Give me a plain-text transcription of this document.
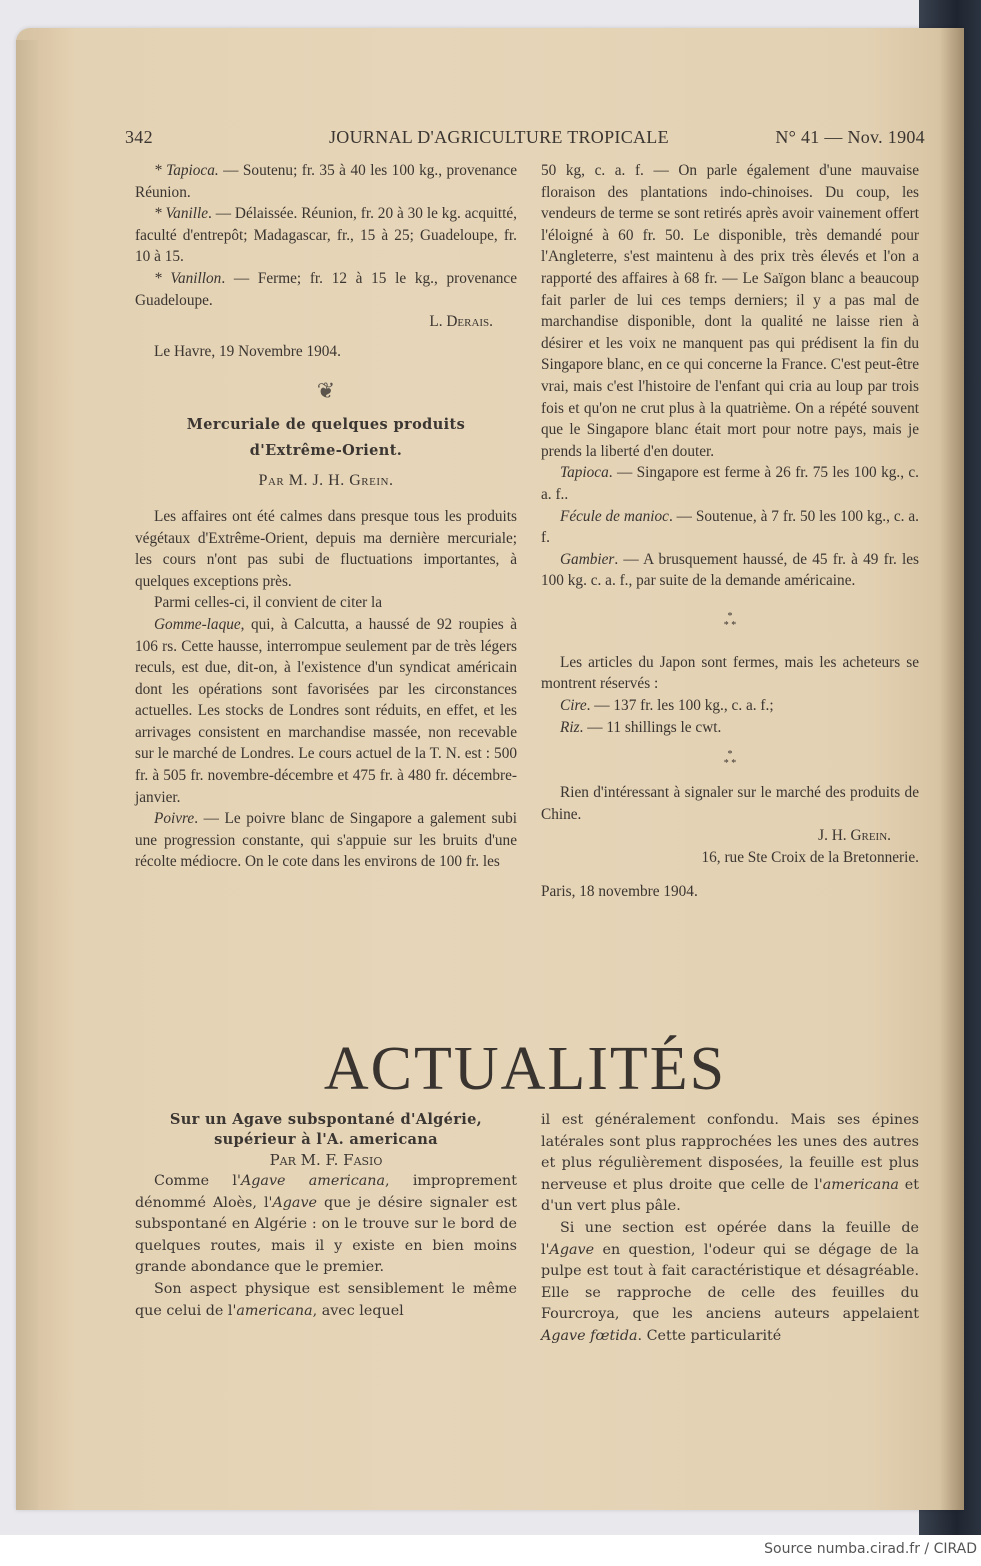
342	JOURNAL D'AGRICULTURE TROPICALE	N° 41 — Nov. 1904

* Tapioca. — Soutenu; fr. 35 à 40 les 100 kg., provenance Réunion.

* Vanille. — Délaissée. Réunion, fr. 20 à 30 le kg. acquitté, faculté d'entrepôt; Madagascar, fr., 15 à 25; Guadeloupe, fr. 10 à 15.

* Vanillon. — Ferme; fr. 12 à 15 le kg., provenance Guadeloupe.

L. Derais.

Le Havre, 19 Novembre 1904.

❦
Mercuriale de quelques produits
d'Extrême-Orient.

Par M. J. H. Grein.

Les affaires ont été calmes dans presque tous les produits végétaux d'Extrême-Orient, depuis ma dernière mercuriale; les cours n'ont pas subi de fluctuations importantes, à quelques exceptions près.

Parmi celles-ci, il convient de citer la

Gomme-laque, qui, à Calcutta, a haussé de 92 roupies à 106 rs. Cette hausse, interrompue seulement par de très légers reculs, est due, dit-on, à l'existence d'un syndicat américain dont les opérations sont favorisées par les circonstances actuelles. Les stocks de Londres sont réduits, en effet, et les arrivages consistent en marchandise massée, non recevable sur le marché de Londres. Le cours actuel de la T. N. est : 500 fr. à 505 fr. novembre-décembre et 475 fr. à 480 fr. décembre-janvier.

Poivre. — Le poivre blanc de Singapore a galement subi une progression constante, qui s'appuie sur les bruits d'une récolte médiocre. On le cote dans les environs de 100 fr. les

50 kg, c. a. f. — On parle également d'une mauvaise floraison des plantations indo-chinoises. Du coup, les vendeurs de terme se sont retirés après avoir vainement offert l'éloigné à 60 fr. 50. Le disponible, très demandé pour l'Angleterre, s'est maintenu à des prix très élevés et l'on a rapporté des affaires à 68 fr. — Le Saïgon blanc a beaucoup fait parler de lui ces temps derniers; il y a pas mal de marchandise disponible, dont la qualité ne laisse rien à désirer et les voix ne manquent pas qui prédisent la fin du Singapore blanc, en ce qui concerne la France. C'est peut-être vrai, mais c'est l'histoire de l'enfant qui cria au loup par trois fois et qu'on ne crut plus à la quatrième. On a répété souvent que le Singapore blanc était mort pour notre pays, mais je prends la liberté d'en douter.

Tapioca. — Singapore est ferme à 26 fr. 75 les 100 kg., c. a. f..

Fécule de manioc. — Soutenue, à 7 fr. 50 les 100 kg., c. a. f.

Gambier. — A brusquement haussé, de 45 fr. à 49 fr. les 100 kg. c. a. f., par suite de la demande américaine.

*
* *

Les articles du Japon sont fermes, mais les acheteurs se montrent réservés :

Cire. — 137 fr. les 100 kg., c. a. f.;

Riz. — 11 shillings le cwt.

*
* *

Rien d'intéressant à signaler sur le marché des produits de Chine.

J. H. Grein.

16, rue Ste Croix de la Bretonnerie.

Paris, 18 novembre 1904.

ACTUALITÉS
Sur un Agave subspontané d'Algérie,
supérieur à l'A. americana

Par M. F. Fasio

Comme l'Agave americana, improprement dénommé Aloès, l'Agave que je désire signaler est subspontané en Algérie : on le trouve sur le bord de quelques routes, mais il y existe en bien moins grande abondance que le premier.

Son aspect physique est sensiblement le même que celui de l'americana, avec lequel

il est généralement confondu. Mais ses épines latérales sont plus rapprochées les unes des autres et plus régulièrement disposées, la feuille est plus nerveuse et plus droite que celle de l'americana et d'un vert plus pâle.

Si une section est opérée dans la feuille de l'Agave en question, l'odeur qui se dégage de la pulpe est tout à fait caractéristique et désagréable. Elle se rapproche de celle des feuilles du Fourcroya, que les anciens auteurs appelaient Agave fœtida. Cette particularité

Source numba.cirad.fr / CIRAD
